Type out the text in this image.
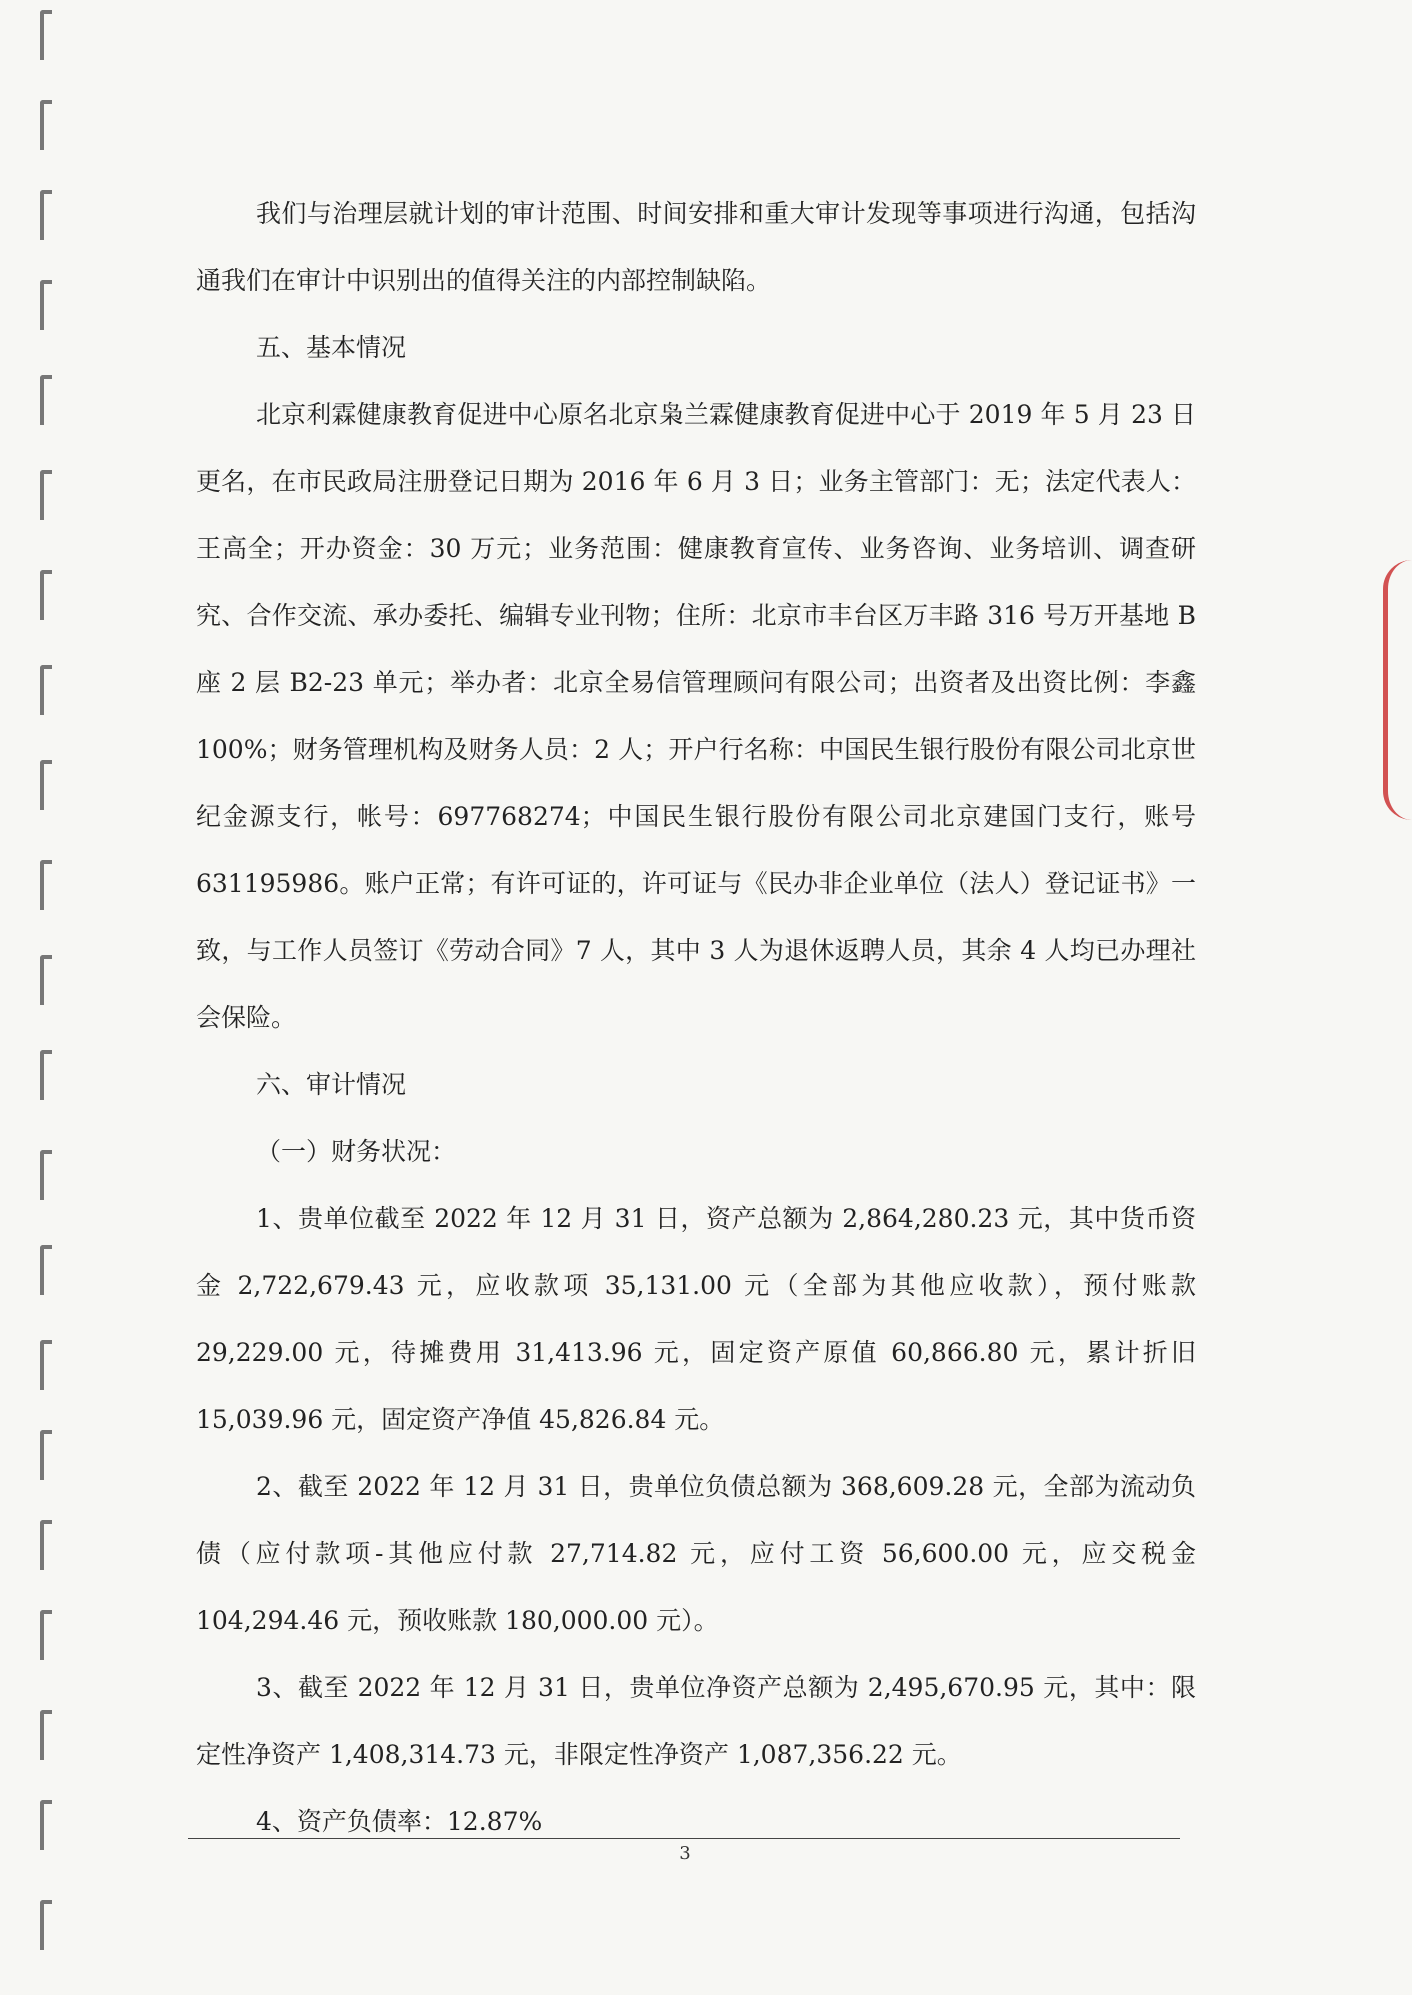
我们与治理层就计划的审计范围、时间安排和重大审计发现等事项进行沟通，包括沟通我们在审计中识别出的值得关注的内部控制缺陷。

五、基本情况

北京利霖健康教育促进中心原名北京枭兰霖健康教育促进中心于 2019 年 5 月 23 日更名，在市民政局注册登记日期为 2016 年 6 月 3 日；业务主管部门：无；法定代表人：王高全；开办资金：30 万元；业务范围：健康教育宣传、业务咨询、业务培训、调查研究、合作交流、承办委托、编辑专业刊物；住所：北京市丰台区万丰路 316 号万开基地 B 座 2 层 B2-23 单元；举办者：北京全易信管理顾问有限公司；出资者及出资比例：李鑫 100%；财务管理机构及财务人员：2 人；开户行名称：中国民生银行股份有限公司北京世纪金源支行，帐号：697768274；中国民生银行股份有限公司北京建国门支行，账号 631195986。账户正常；有许可证的，许可证与《民办非企业单位（法人）登记证书》一致，与工作人员签订《劳动合同》7 人，其中 3 人为退休返聘人员，其余 4 人均已办理社会保险。

六、审计情况

（一）财务状况：

1、贵单位截至 2022 年 12 月 31 日，资产总额为 2,864,280.23 元，其中货币资金 2,722,679.43 元，应收款项 35,131.00 元（全部为其他应收款），预付账款 29,229.00 元，待摊费用 31,413.96 元，固定资产原值 60,866.80 元，累计折旧 15,039.96 元，固定资产净值 45,826.84 元。

2、截至 2022 年 12 月 31 日，贵单位负债总额为 368,609.28 元，全部为流动负债（应付款项-其他应付款 27,714.82 元，应付工资 56,600.00 元，应交税金 104,294.46 元，预收账款 180,000.00 元）。

3、截至 2022 年 12 月 31 日，贵单位净资产总额为 2,495,670.95 元，其中：限定性净资产 1,408,314.73 元，非限定性净资产 1,087,356.22 元。

4、资产负债率：12.87%

3
